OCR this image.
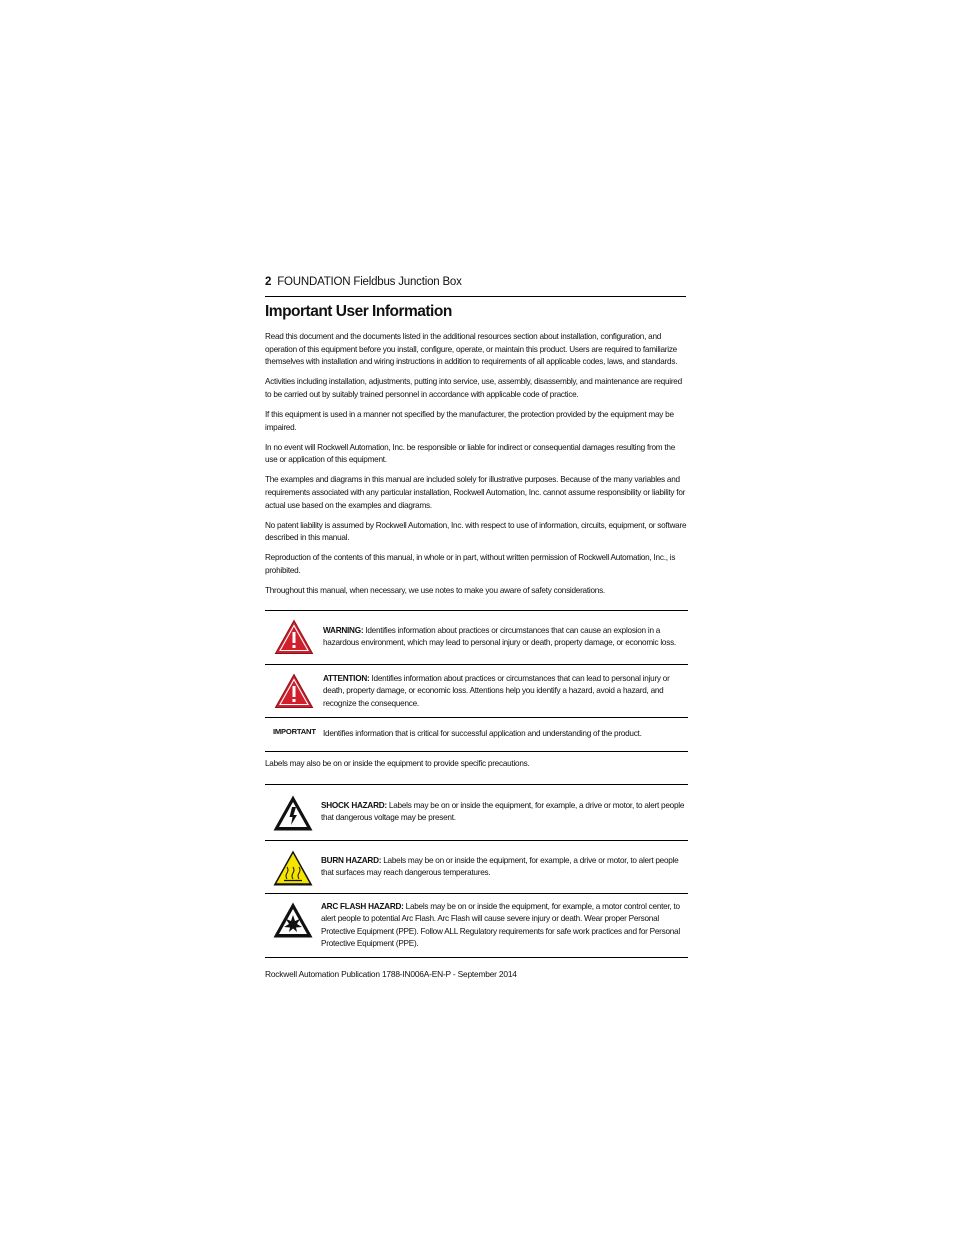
2 FOUNDATION Fieldbus Junction Box
Important User Information

Read this document and the documents listed in the additional resources section about installation, configuration, and operation of this equipment before you install, configure, operate, or maintain this product. Users are required to familiarize themselves with installation and wiring instructions in addition to requirements of all applicable codes, laws, and standards.

Activities including installation, adjustments, putting into service, use, assembly, disassembly, and maintenance are required to be carried out by suitably trained personnel in accordance with applicable code of practice.

If this equipment is used in a manner not specified by the manufacturer, the protection provided by the equipment may be impaired.

In no event will Rockwell Automation, Inc. be responsible or liable for indirect or consequential damages resulting from the use or application of this equipment.

The examples and diagrams in this manual are included solely for illustrative purposes. Because of the many variables and requirements associated with any particular installation, Rockwell Automation, Inc. cannot assume responsibility or liability for actual use based on the examples and diagrams.

No patent liability is assumed by Rockwell Automation, Inc. with respect to use of information, circuits, equipment, or software described in this manual.

Reproduction of the contents of this manual, in whole or in part, without written permission of Rockwell Automation, Inc., is prohibited.

Throughout this manual, when necessary, we use notes to make you aware of safety considerations.

WARNING: Identifies information about practices or circumstances that can cause an explosion in a hazardous environment, which may lead to personal injury or death, property damage, or economic loss.
ATTENTION: Identifies information about practices or circumstances that can lead to personal injury or death, property damage, or economic loss. Attentions help you identify a hazard, avoid a hazard, and recognize the consequence.
IMPORTANT Identifies information that is critical for successful application and understanding of the product.
Labels may also be on or inside the equipment to provide specific precautions.
SHOCK HAZARD: Labels may be on or inside the equipment, for example, a drive or motor, to alert people that dangerous voltage may be present.
BURN HAZARD: Labels may be on or inside the equipment, for example, a drive or motor, to alert people that surfaces may reach dangerous temperatures.
ARC FLASH HAZARD: Labels may be on or inside the equipment, for example, a motor control center, to alert people to potential Arc Flash. Arc Flash will cause severe injury or death. Wear proper Personal Protective Equipment (PPE). Follow ALL Regulatory requirements for safe work practices and for Personal Protective Equipment (PPE).
Rockwell Automation Publication 1788-IN006A-EN-P - September 2014
